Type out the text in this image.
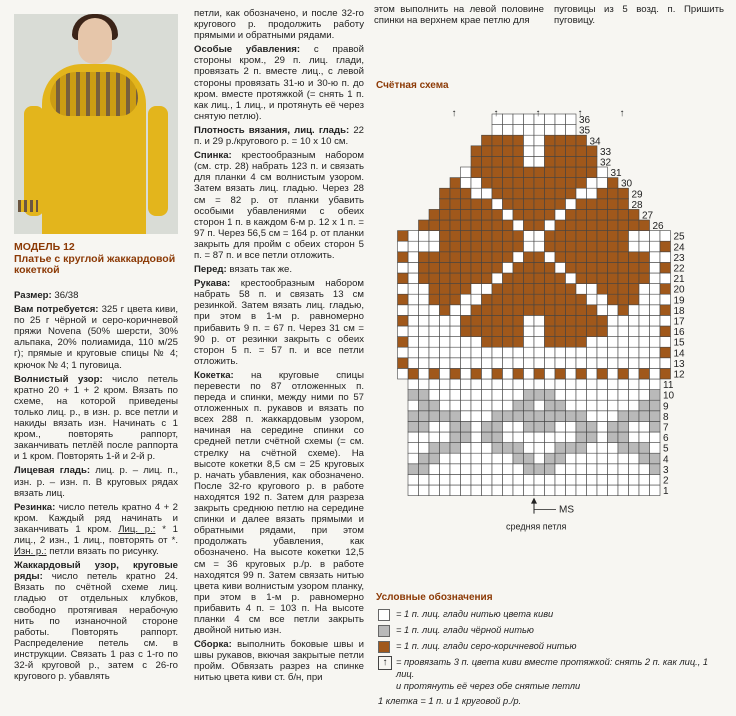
МОДЕЛЬ 12
Платье с круглой жаккардовой кокеткой

Размер: 36/38

Вам потребуется: 325 г цвета киви, по 25 г чёрной и серо-коричневой пряжи Novena (50% шерсти, 30% альпака, 20% полиамида, 110 м/25 г); прямые и круговые спицы № 4; крючок № 4; 1 пуговица.

Волнистый узор: число петель кратно 20 + 1 + 2 кром. Вязать по схеме, на которой приведены только лиц. р., в изн. р. все петли и накиды вязать изн. Начинать с 1 кром., повторять раппорт, заканчивать петлёй после раппорта и 1 кром. Повторять 1-й и 2-й р.

Лицевая гладь: лиц. р. – лиц. п., изн. р. – изн. п. В круговых рядах вязать лиц.

Резинка: число петель кратно 4 + 2 кром. Каждый ряд начинать и заканчивать 1 кром. Лиц. р.: * 1 лиц., 2 изн., 1 лиц., повторять от *. Изн. р.: петли вязать по рисунку.

Жаккардовый узор, круговые ряды: число петель кратно 24. Вязать по счётной схеме лиц. гладью от отдельных клубков, свободно протягивая нерабочую нить по изнаночной стороне работы. Повторять раппорт. Распределение петель см. в инструкции. Связать 1 раз с 1-го по 32-й круговой р., затем с 26-го кругового р. убавлять

петли, как обозначено, и после 32-го кругового р. продолжить работу прямыми и обратными рядами.

Особые убавления: с правой стороны кром., 29 п. лиц. глади, провязать 2 п. вместе лиц., с левой стороны провязать 31-ю и 30-ю п. до кром. вместе протяжкой (= снять 1 п. как лиц., 1 лиц., и протянуть её через снятую петлю).

Плотность вязания, лиц. гладь: 22 п. и 29 р./кругового р. = 10 х 10 см.

Спинка: крестообразным набором (см. стр. 28) набрать 123 п. и связать для планки 4 см волнистым узором. Затем вязать лиц. гладью. Через 28 см = 82 р. от планки убавить особыми убавлениями с обеих сторон 1 п. в каждом 6-м р. 12 х 1 п. = 97 п. Через 56,5 см = 164 р. от планки закрыть для пройм с обеих сторон 5 п. = 87 п. и все петли отложить.

Перед: вязать так же.

Рукава: крестообразным набором набрать 58 п. и связать 13 см резинкой. Затем вязать лиц. гладью, при этом в 1-м р. равномерно прибавить 9 п. = 67 п. Через 31 см = 90 р. от резинки закрыть с обеих сторон 5 п. = 57 п. и все петли отложить.

Кокетка: на круговые спицы перевести по 87 отложенных п. переда и спинки, между ними по 57 отложенных п. рукавов и вязать по всех 288 п. жаккардовым узором, начиная на середине спинки со средней петли счётной схемы (= см. стрелку на счётной схеме). На высоте кокетки 8,5 см = 25 круговых р. начать убавления, как обозначено. После 32-го кругового р. в работе находятся 192 п. Затем для разреза закрыть среднюю петлю на середине спинки и далее вязать прямыми и обратными рядами, при этом продолжать убавления, как обозначено. На высоте кокетки 12,5 см = 36 круговых р./р. в работе находятся 99 п. Затем связать нитью цвета киви волнистым узором планку, при этом в 1-м р. равномерно прибавить 4 п. = 103 п. На высоте планки 4 см все петли закрыть двойной нитью изн.

Сборка: выполнить боковые швы и швы рукавов, вкючая закрытые петли пройм. Обвязать разрез на спинке нитью цвета киви ст. б/н, при

этом выполнить на левой половине спинки на верхнем крае петлю для

пуговицы из 5 возд. п. Пришить пуговицу.

Счётная схема
36
35
34
33
32
31
30
29
28
27
26
25
24
23
22
21
20
19
18
17
16
15
14
13
12
11
10
9
8
7
6
5
4
3
2
1
MS
средняя петля
↑	↑	↑	↑	↑
Условные обозначения
= 1 п. лиц. глади нитью цвета киви
= 1 п. лиц. глади чёрной нитью
= 1 п. лиц. глади серо-коричневой нитью
↑ = провязать 3 п. цвета киви вместе протяжкой: снять 2 п. как лиц., 1 лиц.
и протянуть её через обе снятые петли
1 клетка = 1 п. и 1 круговой р./р.
